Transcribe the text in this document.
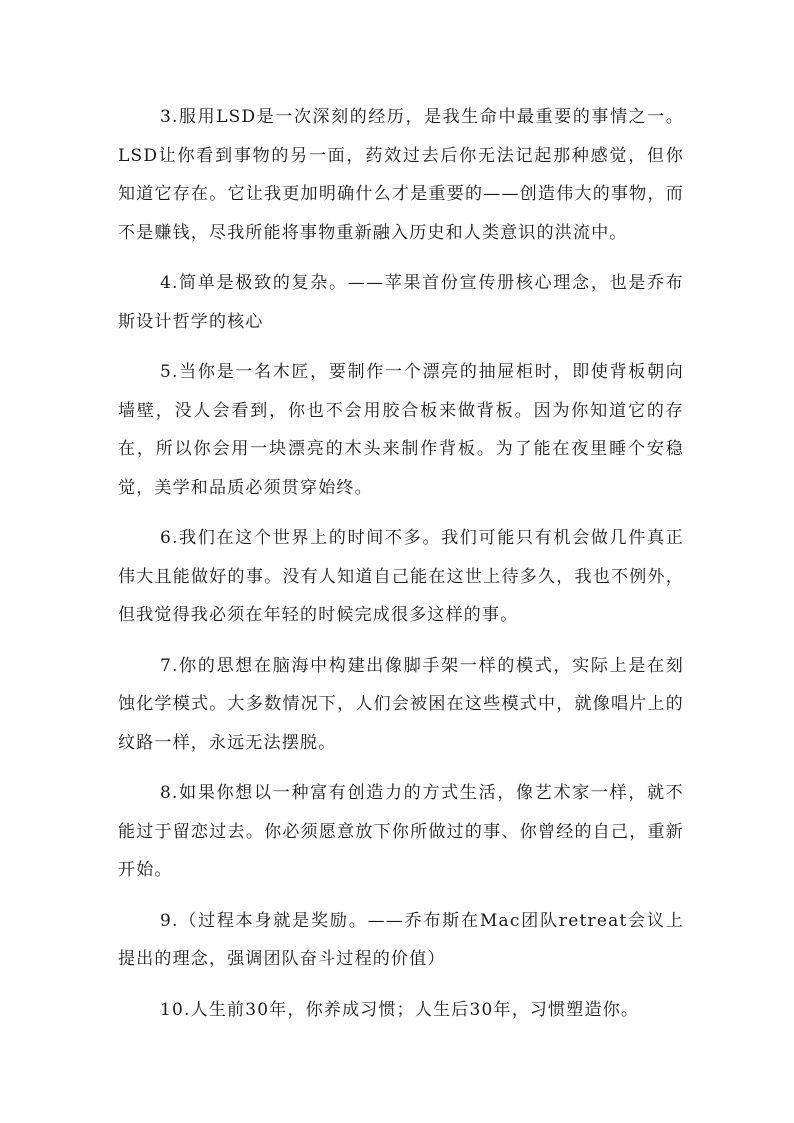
3.服用LSD是一次深刻的经历，是我生命中最重要的事情之一。LSD让你看到事物的另一面，药效过去后你无法记起那种感觉，但你知道它存在。它让我更加明确什么才是重要的——创造伟大的事物，而不是赚钱，尽我所能将事物重新融入历史和人类意识的洪流中。

4.简单是极致的复杂。——苹果首份宣传册核心理念，也是乔布斯设计哲学的核心

5.当你是一名木匠，要制作一个漂亮的抽屉柜时，即使背板朝向墙壁，没人会看到，你也不会用胶合板来做背板。因为你知道它的存在，所以你会用一块漂亮的木头来制作背板。为了能在夜里睡个安稳觉，美学和品质必须贯穿始终。

6.我们在这个世界上的时间不多。我们可能只有机会做几件真正伟大且能做好的事。没有人知道自己能在这世上待多久，我也不例外，但我觉得我必须在年轻的时候完成很多这样的事。

7.你的思想在脑海中构建出像脚手架一样的模式，实际上是在刻蚀化学模式。大多数情况下，人们会被困在这些模式中，就像唱片上的纹路一样，永远无法摆脱。

8.如果你想以一种富有创造力的方式生活，像艺术家一样，就不能过于留恋过去。你必须愿意放下你所做过的事、你曾经的自己，重新开始。

9.（过程本身就是奖励。——乔布斯在Mac团队retreat会议上提出的理念，强调团队奋斗过程的价值）

10.人生前30年，你养成习惯；人生后30年，习惯塑造你。
